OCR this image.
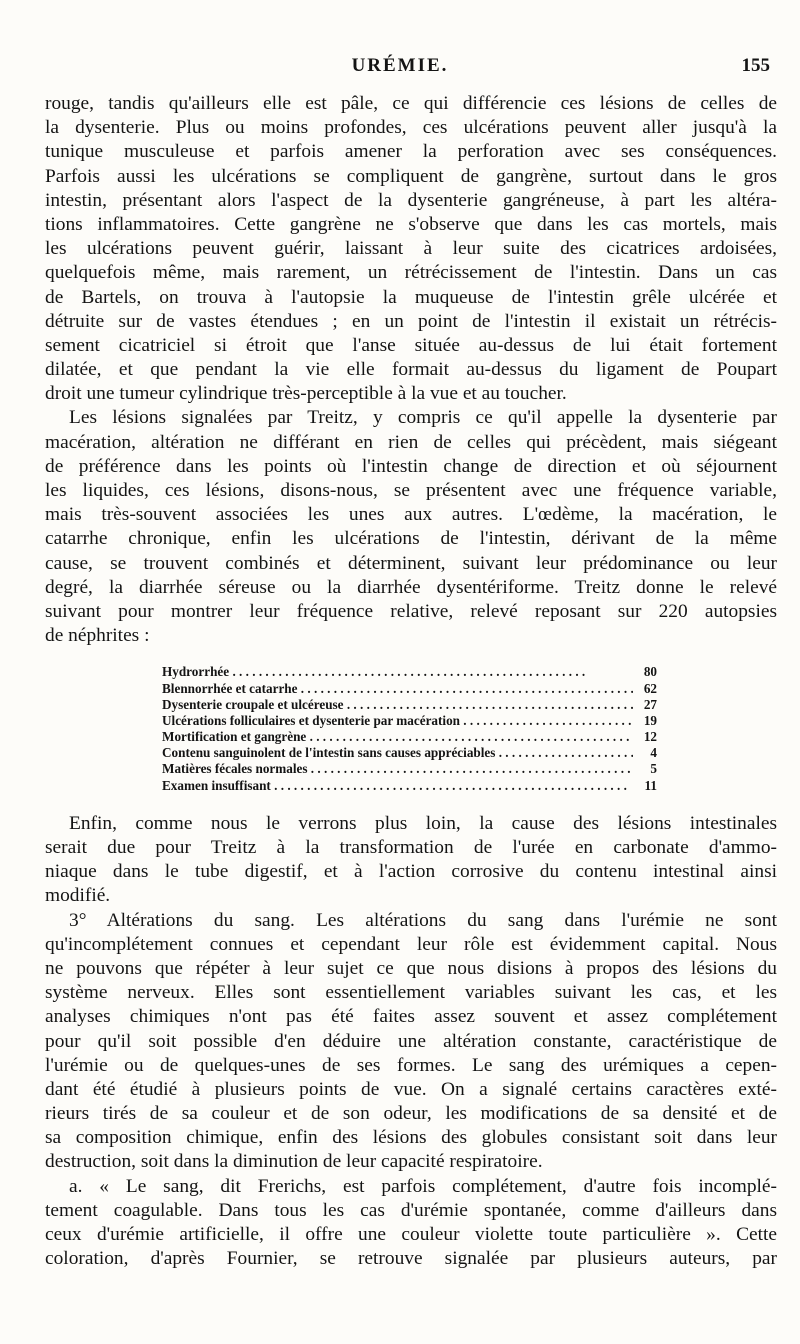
URÉMIE.	155
rouge, tandis qu'ailleurs elle est pâle, ce qui différencie ces lésions de celles de
la dysenterie. Plus ou moins profondes, ces ulcérations peuvent aller jusqu'à la
tunique musculeuse et parfois amener la perforation avec ses conséquences.
Parfois aussi les ulcérations se compliquent de gangrène, surtout dans le gros
intestin, présentant alors l'aspect de la dysenterie gangréneuse, à part les altéra-
tions inflammatoires. Cette gangrène ne s'observe que dans les cas mortels, mais
les ulcérations peuvent guérir, laissant à leur suite des cicatrices ardoisées,
quelquefois même, mais rarement, un rétrécissement de l'intestin. Dans un cas
de Bartels, on trouva à l'autopsie la muqueuse de l'intestin grêle ulcérée et
détruite sur de vastes étendues ; en un point de l'intestin il existait un rétrécis-
sement cicatriciel si étroit que l'anse située au-dessus de lui était fortement
dilatée, et que pendant la vie elle formait au-dessus du ligament de Poupart
droit une tumeur cylindrique très-perceptible à la vue et au toucher.
Les lésions signalées par Treitz, y compris ce qu'il appelle la dysenterie par
macération, altération ne différant en rien de celles qui précèdent, mais siégeant
de préférence dans les points où l'intestin change de direction et où séjournent
les liquides, ces lésions, disons-nous, se présentent avec une fréquence variable,
mais très-souvent associées les unes aux autres. L'œdème, la macération, le
catarrhe chronique, enfin les ulcérations de l'intestin, dérivant de la même
cause, se trouvent combinés et déterminent, suivant leur prédominance ou leur
degré, la diarrhée séreuse ou la diarrhée dysentériforme. Treitz donne le relevé
suivant pour montrer leur fréquence relative, relevé reposant sur 220 autopsies
de néphrites :
Hydrorrhée . . .	80
Blennorrhée et catarrhe . . .	62
Dysenterie croupale et ulcéreuse . . .	27
Ulcérations folliculaires et dysenterie par macération . . .	19
Mortification et gangrène . . .	12
Contenu sanguinolent de l'intestin sans causes appréciables . . .	4
Matières fécales normales . . .	5
Examen insuffisant . . .	11
Enfin, comme nous le verrons plus loin, la cause des lésions intestinales
serait due pour Treitz à la transformation de l'urée en carbonate d'ammo-
niaque dans le tube digestif, et à l'action corrosive du contenu intestinal ainsi
modifié.
3° Altérations du sang. Les altérations du sang dans l'urémie ne sont
qu'incomplétement connues et cependant leur rôle est évidemment capital. Nous
ne pouvons que répéter à leur sujet ce que nous disions à propos des lésions du
système nerveux. Elles sont essentiellement variables suivant les cas, et les
analyses chimiques n'ont pas été faites assez souvent et assez complétement
pour qu'il soit possible d'en déduire une altération constante, caractéristique de
l'urémie ou de quelques-unes de ses formes. Le sang des urémiques a cepen-
dant été étudié à plusieurs points de vue. On a signalé certains caractères exté-
rieurs tirés de sa couleur et de son odeur, les modifications de sa densité et de
sa composition chimique, enfin des lésions des globules consistant soit dans leur
destruction, soit dans la diminution de leur capacité respiratoire.
a. « Le sang, dit Frerichs, est parfois complétement, d'autre fois incomplé-
tement coagulable. Dans tous les cas d'urémie spontanée, comme d'ailleurs dans
ceux d'urémie artificielle, il offre une couleur violette toute particulière ». Cette
coloration, d'après Fournier, se retrouve signalée par plusieurs auteurs, par
